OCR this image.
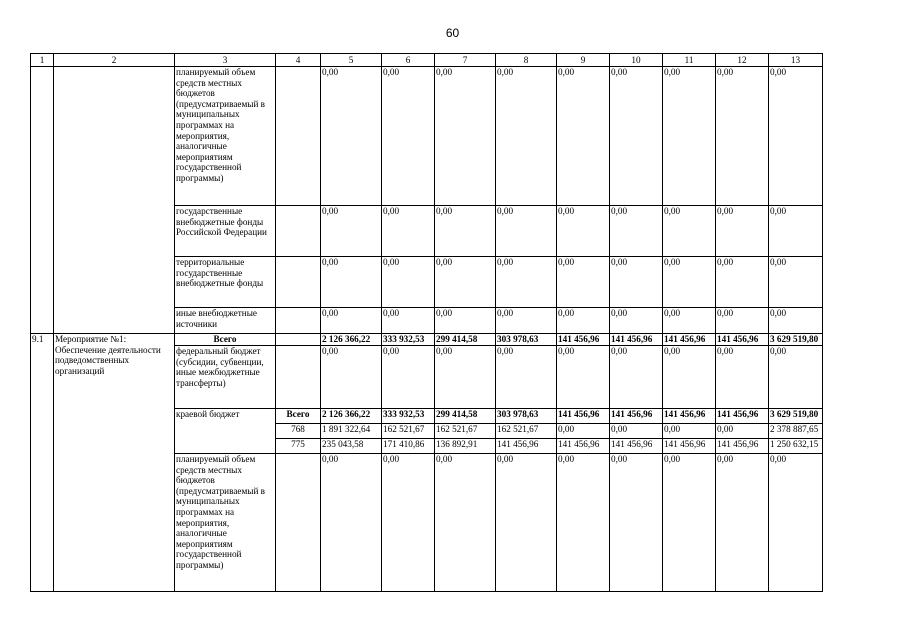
60
1	2	3	4	5	6	7	8	9	10	11	12	13
		планируемый объем средств местных бюджетов (предусматриваемый в муниципальных программах на мероприятия, аналогичные мероприятиям государственной программы)		0,00	0,00	0,00	0,00	0,00	0,00	0,00	0,00	0,00
		государственные внебюджетные фонды Российской Федерации		0,00	0,00	0,00	0,00	0,00	0,00	0,00	0,00	0,00
		территориальные государственные внебюджетные фонды		0,00	0,00	0,00	0,00	0,00	0,00	0,00	0,00	0,00
		иные внебюджетные источники		0,00	0,00	0,00	0,00	0,00	0,00	0,00	0,00	0,00
9.1	Мероприятие №1: Обеспечение деятельности подведомственных организаций	Всего		2 126 366,22	333 932,53	299 414,58	303 978,63	141 456,96	141 456,96	141 456,96	141 456,96	3 629 519,80
		федеральный бюджет (субсидии, субвенции, иные межбюджетные трансферты)		0,00	0,00	0,00	0,00	0,00	0,00	0,00	0,00	0,00
		краевой бюджет	Всего	2 126 366,22	333 932,53	299 414,58	303 978,63	141 456,96	141 456,96	141 456,96	141 456,96	3 629 519,80
			768	1 891 322,64	162 521,67	162 521,67	162 521,67	0,00	0,00	0,00	0,00	2 378 887,65
			775	235 043,58	171 410,86	136 892,91	141 456,96	141 456,96	141 456,96	141 456,96	141 456,96	1 250 632,15
		планируемый объем средств местных бюджетов (предусматриваемый в муниципальных программах на мероприятия, аналогичные мероприятиям государственной программы)		0,00	0,00	0,00	0,00	0,00	0,00	0,00	0,00	0,00
